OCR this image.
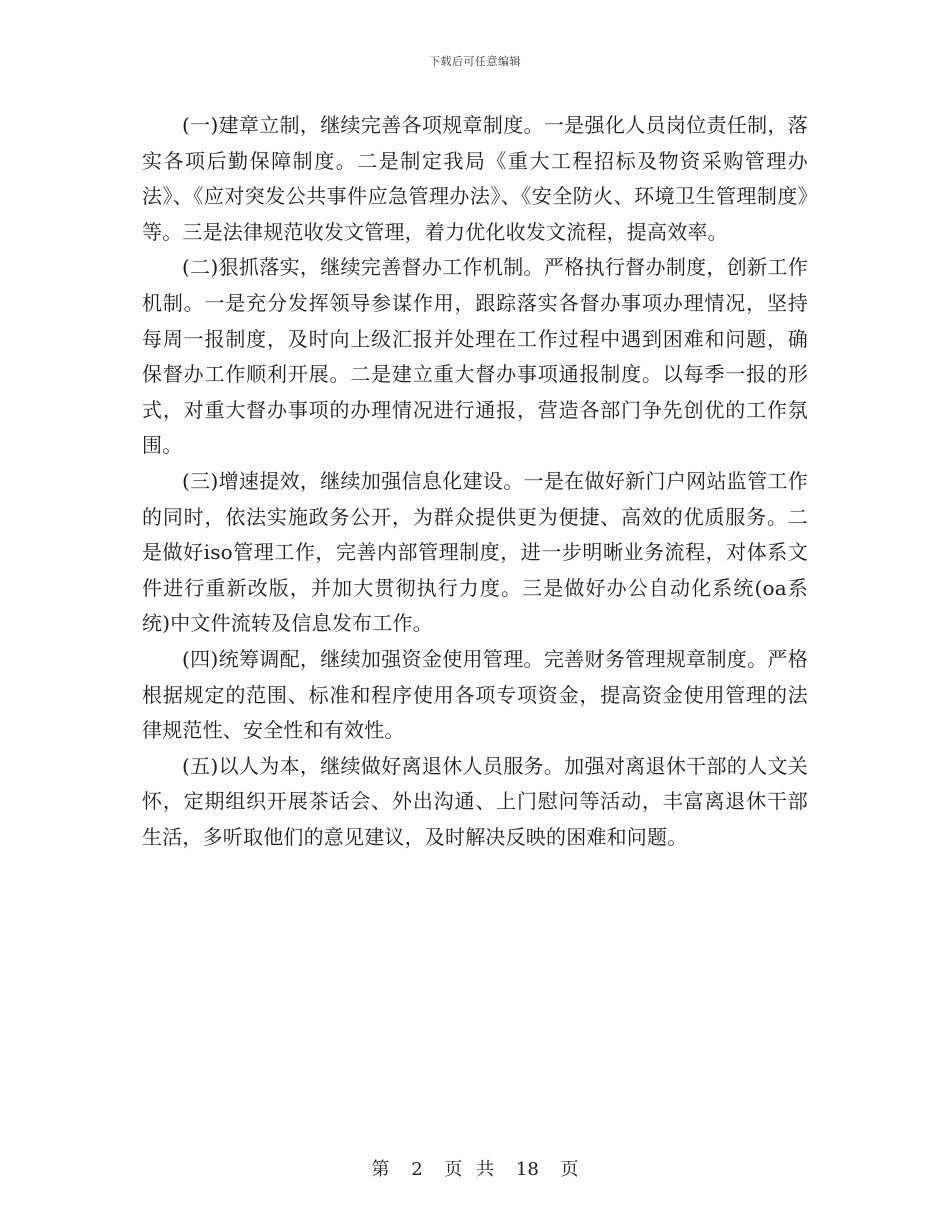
下载后可任意编辑

(一)建章立制，继续完善各项规章制度。一是强化人员岗位责任制，落实各项后勤保障制度。二是制定我局《重大工程招标及物资采购管理办法》、《应对突发公共事件应急管理办法》、《安全防火、环境卫生管理制度》等。三是法律规范收发文管理，着力优化收发文流程，提高效率。

(二)狠抓落实，继续完善督办工作机制。严格执行督办制度，创新工作机制。一是充分发挥领导参谋作用，跟踪落实各督办事项办理情况，坚持每周一报制度，及时向上级汇报并处理在工作过程中遇到困难和问题，确保督办工作顺利开展。二是建立重大督办事项通报制度。以每季一报的形式，对重大督办事项的办理情况进行通报，营造各部门争先创优的工作氛围。

(三)增速提效，继续加强信息化建设。一是在做好新门户网站监管工作的同时，依法实施政务公开，为群众提供更为便捷、高效的优质服务。二是做好iso管理工作，完善内部管理制度，进一步明晰业务流程，对体系文件进行重新改版，并加大贯彻执行力度。三是做好办公自动化系统(oa系统)中文件流转及信息发布工作。

(四)统筹调配，继续加强资金使用管理。完善财务管理规章制度。严格根据规定的范围、标准和程序使用各项专项资金，提高资金使用管理的法律规范性、安全性和有效性。

(五)以人为本，继续做好离退休人员服务。加强对离退休干部的人文关怀，定期组织开展茶话会、外出沟通、上门慰问等活动，丰富离退休干部生活，多听取他们的意见建议，及时解决反映的困难和问题。

第 2 页 共 18 页
